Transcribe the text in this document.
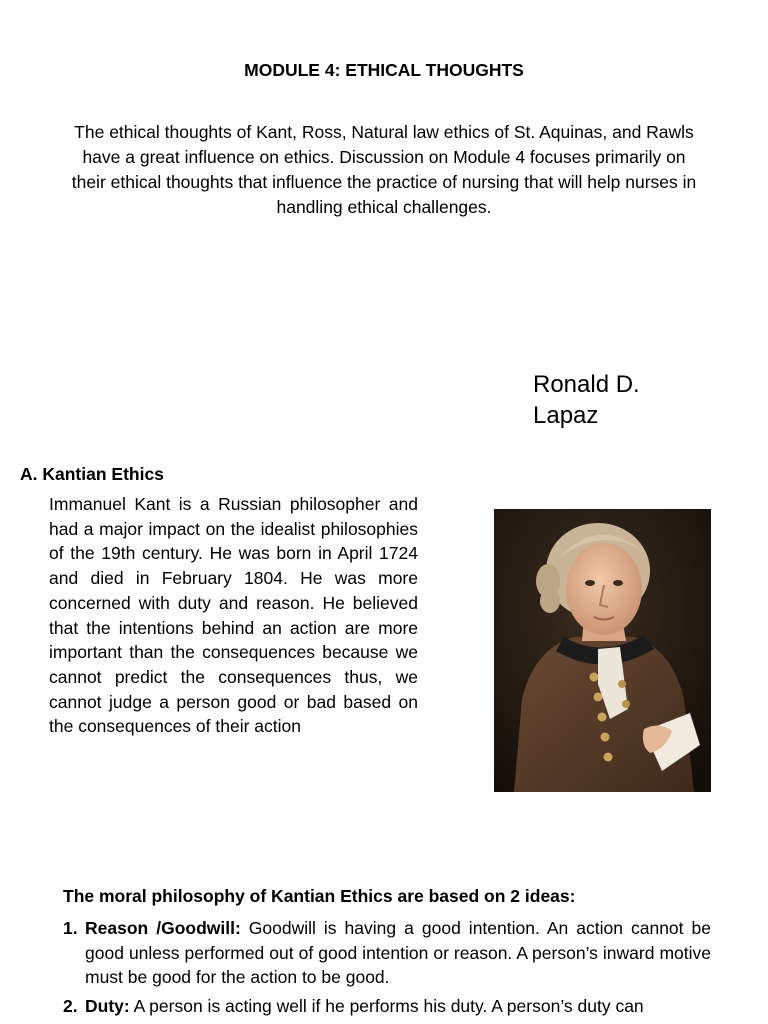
MODULE 4: ETHICAL THOUGHTS
The ethical thoughts of Kant, Ross, Natural law ethics of St. Aquinas, and Rawls have a great influence on ethics. Discussion on Module 4 focuses primarily on their ethical thoughts that influence the practice of nursing that will help nurses in handling ethical challenges.
Ronald D.
Lapaz
A. Kantian Ethics
Immanuel Kant is a Russian philosopher and had a major impact on the idealist philosophies of the 19th century. He was born in April 1724 and died in February 1804. He was more concerned with duty and reason. He believed that the intentions behind an action are more important than the consequences because we cannot predict the consequences thus, we cannot judge a person good or bad based on the consequences of their action
The moral philosophy of Kantian Ethics are based on 2 ideas:
1. Reason /Goodwill: Goodwill is having a good intention. An action cannot be good unless performed out of good intention or reason. A person’s inward motive must be good for the action to be good.
2. Duty: A person is acting well if he performs his duty. A person’s duty can
